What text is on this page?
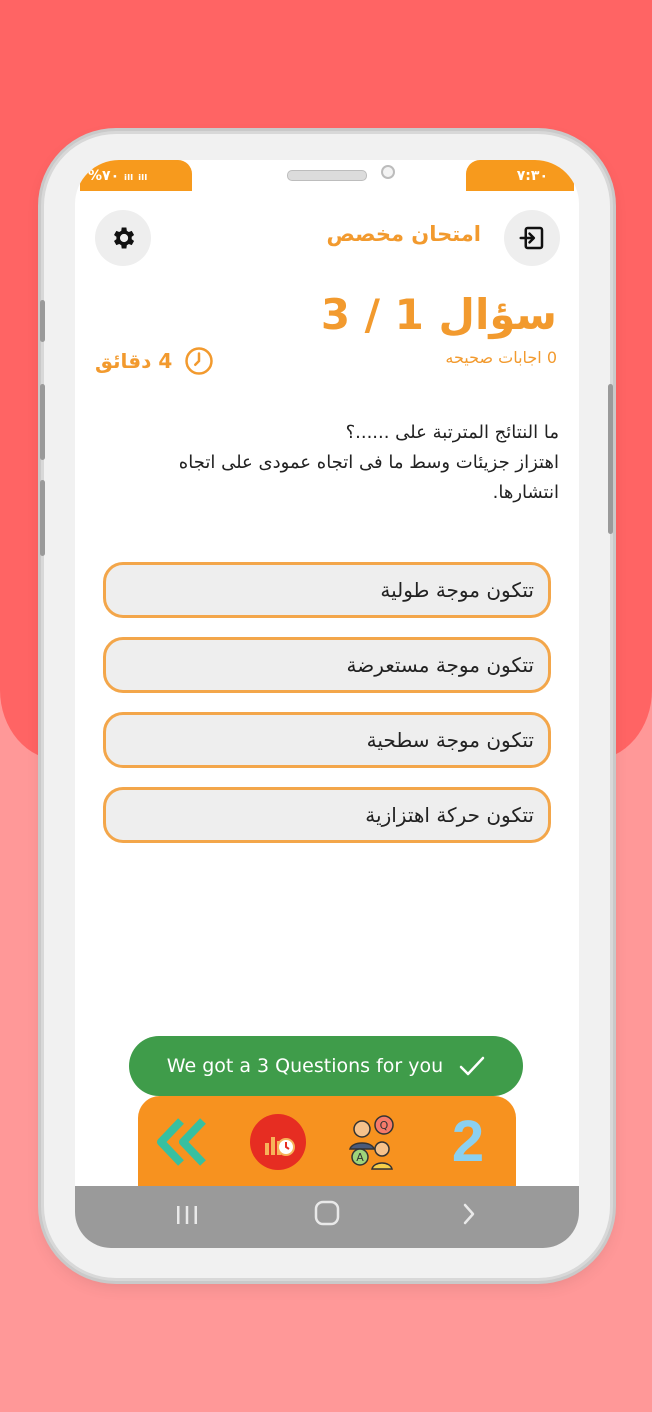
%٧٠ ᵢₗₗ ᵢₗₗ	٧:٣٠
امتحان مخصص
سؤال 1 / 3
0 اجابات صحيحه
4 دقائق
ما النتائج المترتبة على ......؟
اهتزاز جزيئات وسط ما فى اتجاه عمودى على اتجاه انتشارها.
تتكون موجة طولية
تتكون موجة مستعرضة
تتكون موجة سطحية
تتكون حركة اهتزازية
Q
A 2
We got a 3 Questions for you
